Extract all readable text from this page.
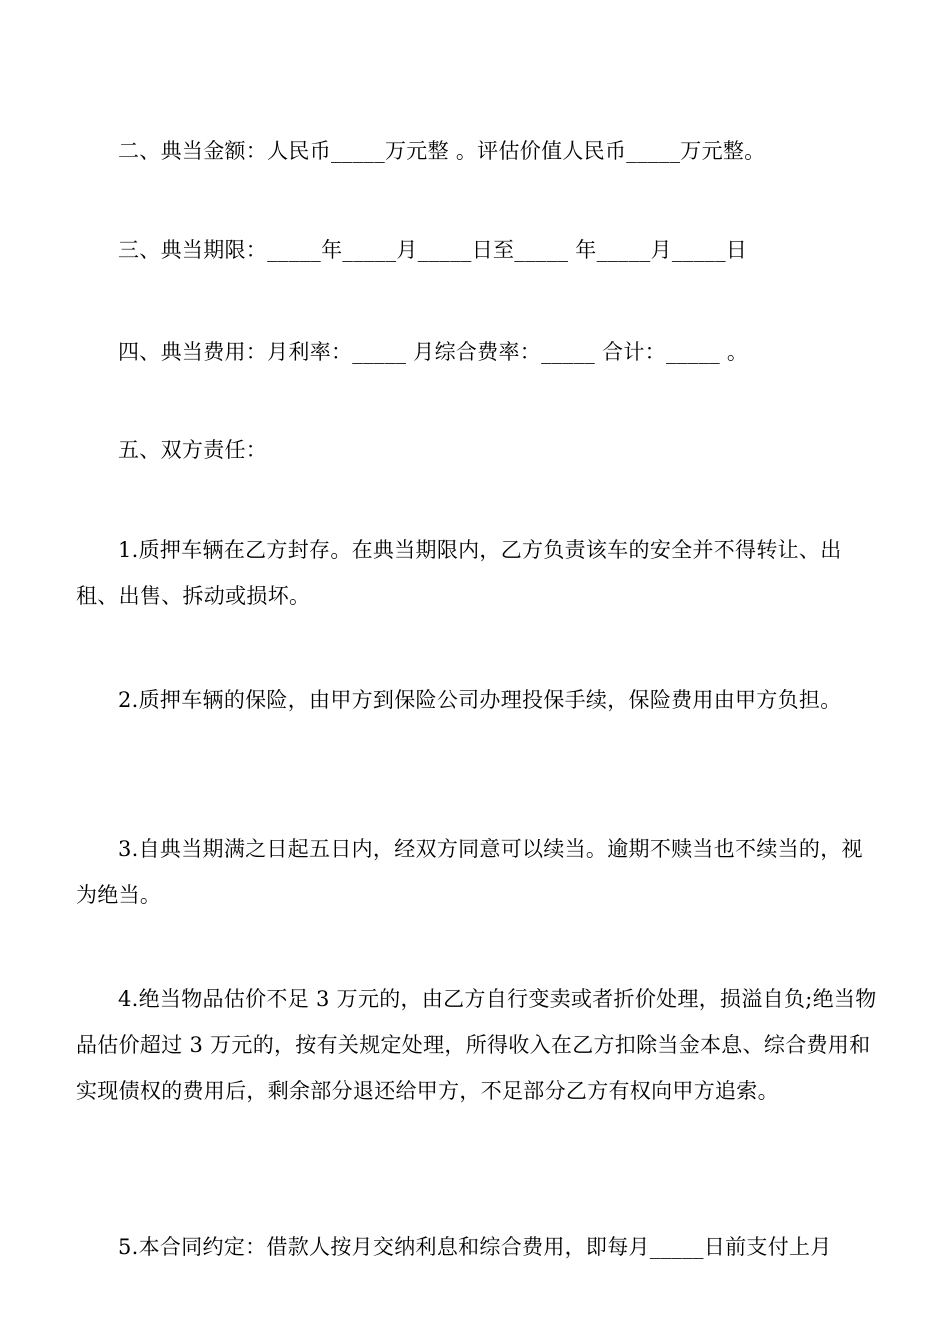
二、典当金额：人民币_____万元整 。评估价值人民币_____万元整。

三、典当期限：_____年_____月_____日至_____ 年_____月_____日

四、典当费用：月利率：_____ 月综合费率：_____ 合计：_____ 。

五、双方责任：

1.质押车辆在乙方封存。在典当期限内，乙方负责该车的安全并不得转让、出租、出售、拆动或损坏。

2.质押车辆的保险，由甲方到保险公司办理投保手续，保险费用由甲方负担。

3.自典当期满之日起五日内，经双方同意可以续当。逾期不赎当也不续当的，视为绝当。

4.绝当物品估价不足 3 万元的，由乙方自行变卖或者折价处理，损溢自负;绝当物品估价超过 3 万元的，按有关规定处理，所得收入在乙方扣除当金本息、综合费用和实现债权的费用后，剩余部分退还给甲方，不足部分乙方有权向甲方追索。

5.本合同约定：借款人按月交纳利息和综合费用，即每月_____日前支付上月
